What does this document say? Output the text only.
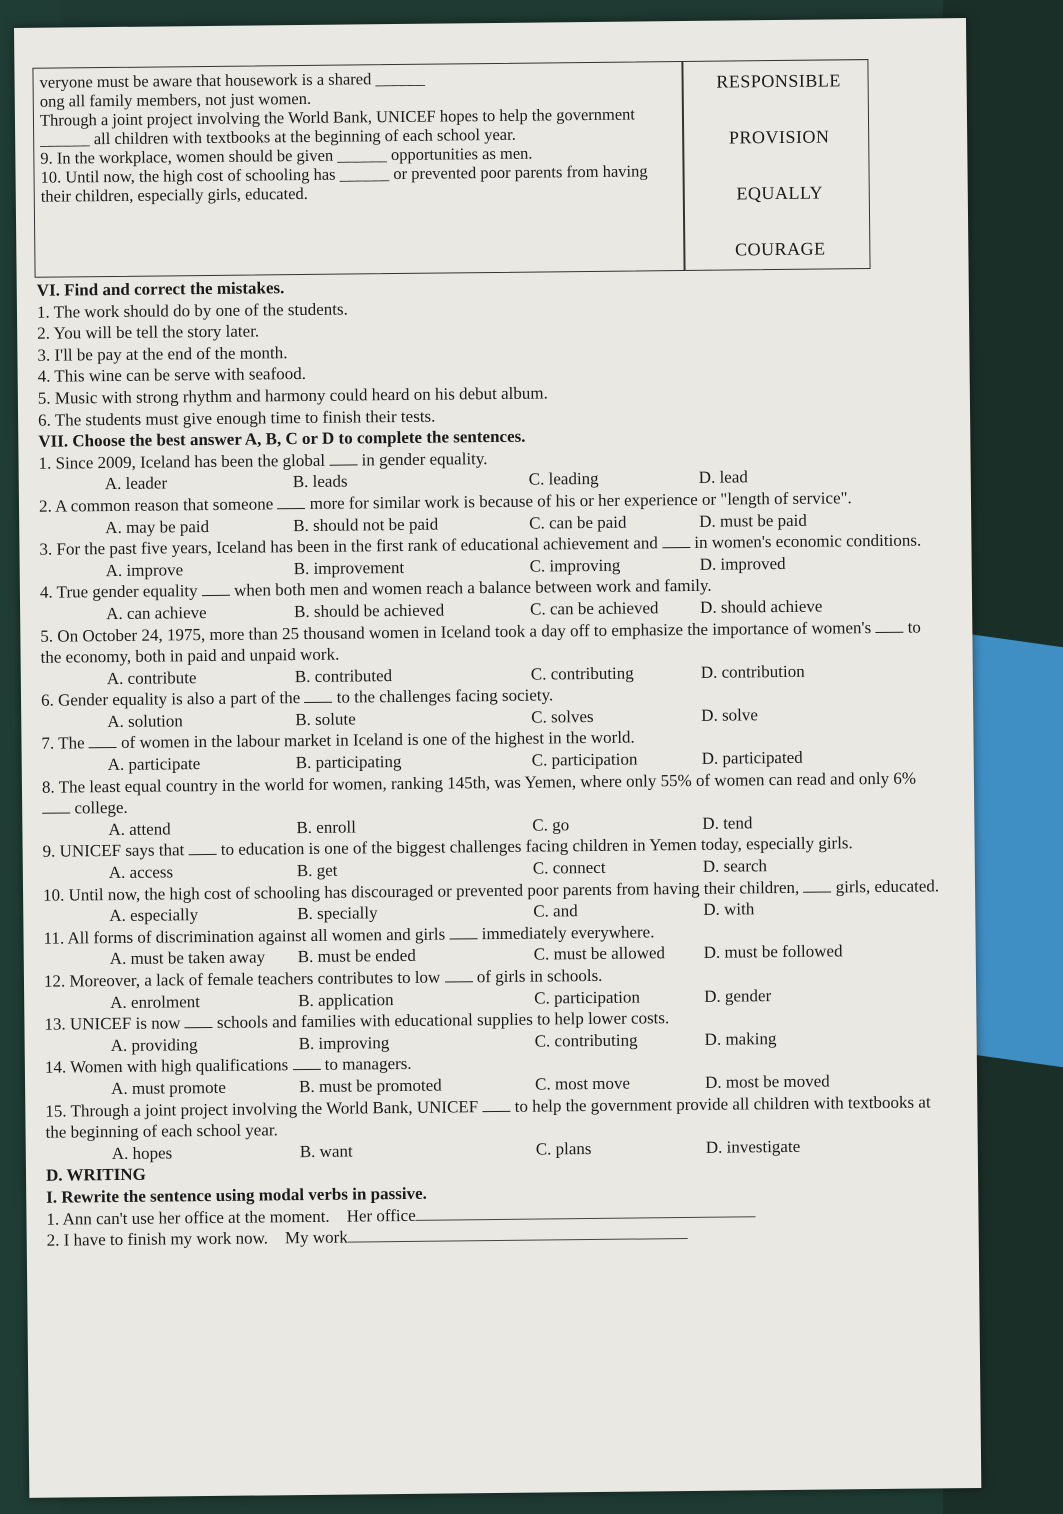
veryone must be aware that housework is a shared ______

ong all family members, not just women.

Through a joint project involving the World Bank, UNICEF hopes to help the government ______ all children with textbooks at the beginning of each school year.

9. In the workplace, women should be given ______ opportunities as men.

10. Until now, the high cost of schooling has ______ or prevented poor parents from having their children, especially girls, educated.

RESPONSIBLE
PROVISION
EQUALLY
COURAGE

VI. Find and correct the mistakes.

1. The work should do by one of the students.

2. You will be tell the story later.

3. I'll be pay at the end of the month.

4. This wine can be serve with seafood.

5. Music with strong rhythm and harmony could heard on his debut album.

6. The students must give enough time to finish their tests.

VII. Choose the best answer A, B, C or D to complete the sentences.

1. Since 2009, Iceland has been the global in gender equality.

A. leader	B. leads	C. leading	D. lead

2. A common reason that someone more for similar work is because of his or her experience or "length of service".

A. may be paid	B. should not be paid	C. can be paid	D. must be paid

3. For the past five years, Iceland has been in the first rank of educational achievement and in women's economic conditions.

A. improve	B. improvement	C. improving	D. improved

4. True gender equality when both men and women reach a balance between work and family.

A. can achieve	B. should be achieved	C. can be achieved	D. should achieve

5. On October 24, 1975, more than 25 thousand women in Iceland took a day off to emphasize the importance of women's to the economy, both in paid and unpaid work.

A. contribute	B. contributed	C. contributing	D. contribution

6. Gender equality is also a part of the to the challenges facing society.

A. solution	B. solute	C. solves	D. solve

7. The of women in the labour market in Iceland is one of the highest in the world.

A. participate	B. participating	C. participation	D. participated

8. The least equal country in the world for women, ranking 145th, was Yemen, where only 55% of women can read and only 6%  college.

A. attend	B. enroll	C. go	D. tend

9. UNICEF says that to education is one of the biggest challenges facing children in Yemen today, especially girls.

A. access	B. get	C. connect	D. search

10. Until now, the high cost of schooling has discouraged or prevented poor parents from having their children, girls, educated.

A. especially	B. specially	C. and	D. with

11. All forms of discrimination against all women and girls immediately everywhere.

A. must be taken away	B. must be ended	C. must be allowed	D. must be followed

12. Moreover, a lack of female teachers contributes to low of girls in schools.

A. enrolment	B. application	C. participation	D. gender

13. UNICEF is now schools and families with educational supplies to help lower costs.

A. providing	B. improving	C. contributing	D. making

14. Women with high qualifications to managers.

A. must promote	B. must be promoted	C. most move	D. most be moved

15. Through a joint project involving the World Bank, UNICEF to help the government provide all children with textbooks at the beginning of each school year.

A. hopes	B. want	C. plans	D. investigate

D. WRITING

I. Rewrite the sentence using modal verbs in passive.

1. Ann can't use her office at the moment. Her office

2. I have to finish my work now. My work
